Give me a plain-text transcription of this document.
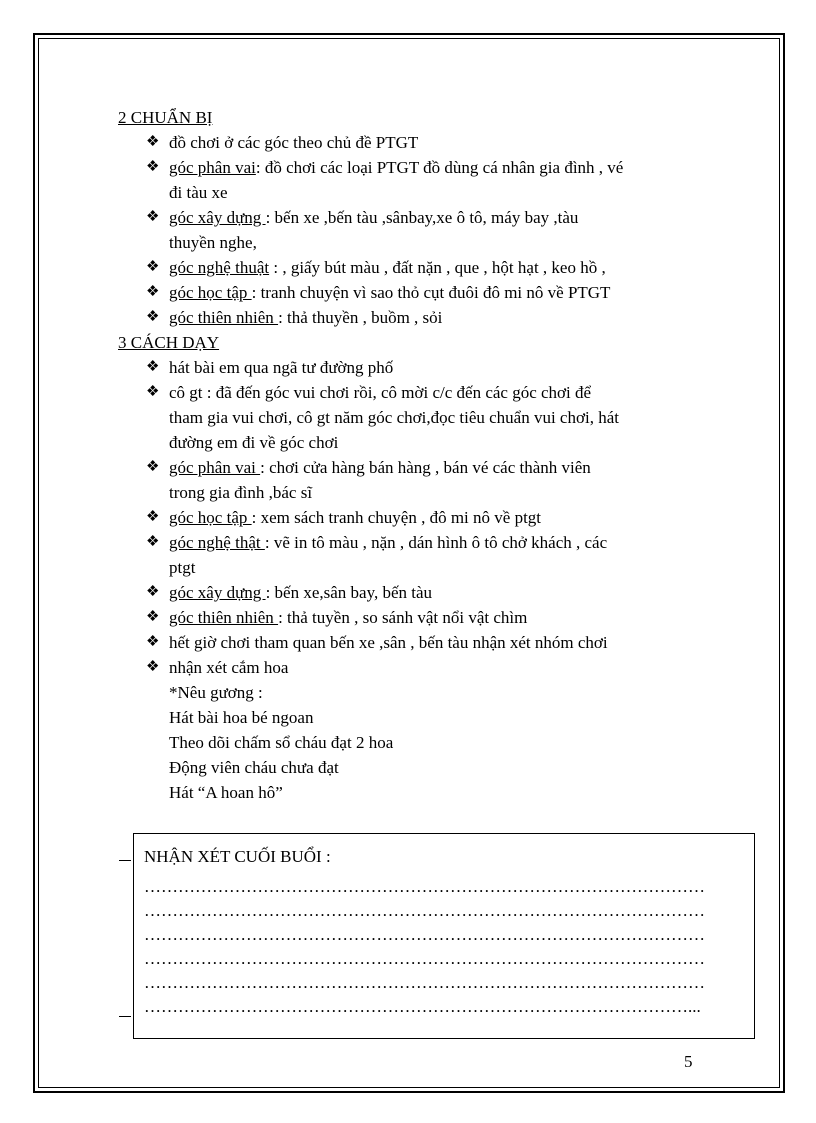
2 CHUẨN BỊ

❖ đồ chơi ở các góc theo chủ đề PTGT

❖ góc phân vai: đồ chơi các loại PTGT đồ dùng cá nhân gia đình , vé

đi tàu xe

❖ góc xây dựng : bến xe ,bến tàu ,sânbay,xe ô tô, máy bay ,tàu

thuyền nghe,

❖ góc nghệ thuật : , giấy bút màu , đất nặn , que , hột hạt , keo hồ ,

❖ góc học tập : tranh chuyện vì sao thỏ cụt đuôi đô mi nô về PTGT

❖ góc thiên nhiên : thả thuyền , buồm , sỏi

3 CÁCH DẠY

❖ hát bài em qua ngã tư đường phố

❖ cô gt : đã đến góc vui chơi rồi, cô mời c/c đến các góc chơi để

tham gia vui chơi, cô gt năm góc chơi,đọc tiêu chuẩn vui chơi, hát

đường em đi về góc chơi

❖ góc phân vai : chơi cửa hàng bán hàng , bán vé các thành viên

trong gia đình ,bác sĩ

❖ góc học tập : xem sách tranh chuyện , đô mi nô về ptgt

❖ góc nghệ thật : vẽ in tô màu , nặn , dán hình ô tô chở khách , các

ptgt

❖ góc xây dựng : bến xe,sân bay, bến tàu

❖ góc thiên nhiên : thả tuyền , so sánh vật nổi vật chìm

❖ hết giờ chơi tham quan bến xe ,sân , bến tàu nhận xét nhóm chơi

❖ nhận xét cắm hoa

*Nêu gương :

Hát bài hoa bé ngoan

Theo dõi chấm sổ cháu đạt 2 hoa

Động viên cháu chưa đạt

Hát “A hoan hô”

NHẬN XÉT CUỐI BUỔI :

………………………………………………………………………………………

………………………………………………………………………………………

………………………………………………………………………………………

………………………………………………………………………………………

………………………………………………………………………………………

……………………………………………………………………………………...

5
